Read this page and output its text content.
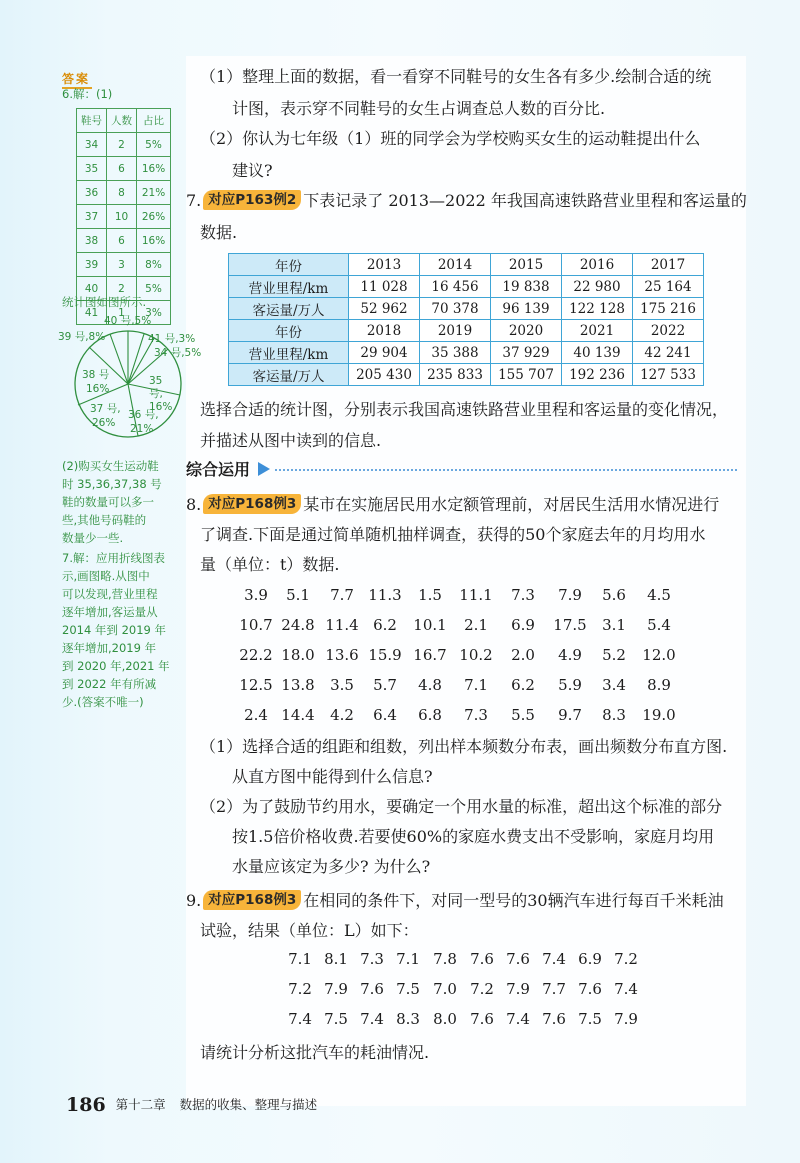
答案
6.解：(1)
鞋号	人数	占比
34	2	5%
35	6	16%
36	8	21%
37	10	26%
38	6	16%
39	3	8%
40	2	5%
41	1	3%
统计图如图所示.
40 号,5%
39 号,8%	41 号,3%
34 号,5%
38 号
16%
35
号,
16%
37 号,
26%
36 号,
21%
(2)购买女生运动鞋
时 35,36,37,38 号
鞋的数量可以多一
些,其他号码鞋的
数量少一些.
7.解：应用折线图表
示,画图略.从图中
可以发现,营业里程
逐年增加,客运量从
2014 年到 2019 年
逐年增加,2019 年
到 2020 年,2021 年
到 2022 年有所减
少.(答案不唯一)
（1）整理上面的数据，看一看穿不同鞋号的女生各有多少.绘制合适的统
计图，表示穿不同鞋号的女生占调查总人数的百分比.
（2）你认为七年级（1）班的同学会为学校购买女生的运动鞋提出什么
建议?
7. 对应P163例2 下表记录了 2013—2022 年我国高速铁路营业里程和客运量的
数据.
年份	2013	2014	2015	2016	2017
营业里程/km	11 028	16 456	19 838	22 980	25 164
客运量/万人	52 962	70 378	96 139	122 128	175 216
年份	2018	2019	2020	2021	2022
营业里程/km	29 904	35 388	37 929	40 139	42 241
客运量/万人	205 430	235 833	155 707	192 236	127 533
选择合适的统计图，分别表示我国高速铁路营业里程和客运量的变化情况，
并描述从图中读到的信息.
综合运用
8. 对应P168例3 某市在实施居民用水定额管理前，对居民生活用水情况进行
了调查.下面是通过简单随机抽样调查，获得的50个家庭去年的月均用水
量（单位：t）数据.
3.9	5.1	7.7 11.3	1.5	11.1	7.3	7.9	5.6	4.5
10.7 24.8 11.4 6.2	10.1	2.1	6.9	17.5	3.1	5.4
22.2 18.0 13.6 15.9 16.7 10.2	2.0	4.9	5.2	12.0
12.5 13.8	3.5	5.7	4.8	7.1	6.2	5.9	3.4	8.9
2.4 14.4	4.2	6.4	6.8	7.3	5.5	9.7	8.3	19.0
（1）选择合适的组距和组数，列出样本频数分布表，画出频数分布直方图.
从直方图中能得到什么信息?
（2）为了鼓励节约用水，要确定一个用水量的标准，超出这个标准的部分
按1.5倍价格收费.若要使60%的家庭水费支出不受影响，家庭月均用
水量应该定为多少? 为什么?
9. 对应P168例3 在相同的条件下，对同一型号的30辆汽车进行每百千米耗油
试验，结果（单位：L）如下：
7.1 8.1 7.3 7.1 7.8 7.6 7.6 7.4 6.9 7.2
7.2 7.9 7.6 7.5 7.0 7.2 7.9 7.7 7.6 7.4
7.4 7.5 7.4 8.3 8.0 7.6 7.4 7.6 7.5 7.9
请统计分析这批汽车的耗油情况.
186 第十二章 数据的收集、整理与描述
